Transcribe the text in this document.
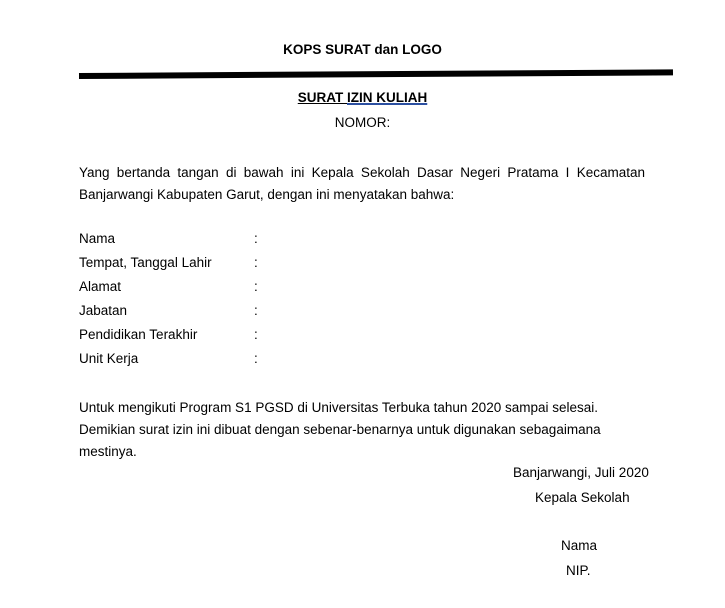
KOPS SURAT dan LOGO
SURAT IZIN KULIAH
NOMOR:
Yang bertanda tangan di bawah ini Kepala Sekolah Dasar Negeri Pratama I Kecamatan Banjarwangi Kabupaten Garut, dengan ini menyatakan bahwa:
Nama	:
Tempat, Tanggal Lahir	:
Alamat	:
Jabatan	:
Pendidikan Terakhir	:
Unit Kerja	:
Untuk mengikuti Program S1 PGSD di Universitas Terbuka tahun 2020 sampai selesai. Demikian surat izin ini dibuat dengan sebenar-benarnya untuk digunakan sebagaimana mestinya.
Banjarwangi, Juli 2020
Kepala Sekolah
Nama
NIP.
